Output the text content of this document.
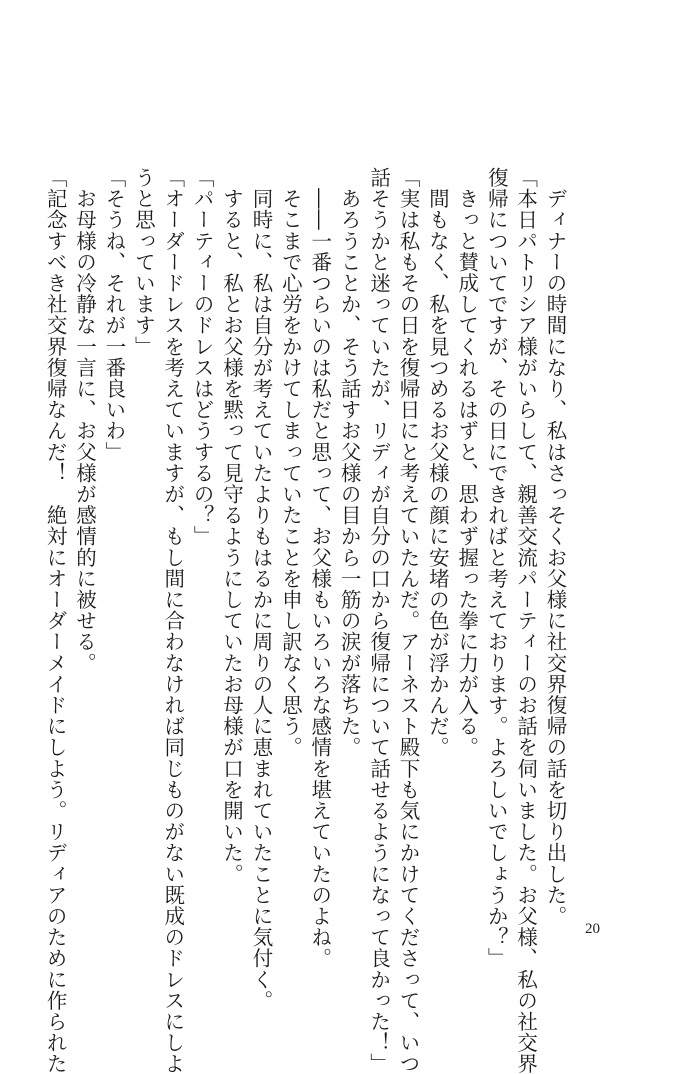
　ディナーの時間になり、私はさっそくお父様に社交界復帰の話を切り出した。
「本日パトリシア様がいらして、親善交流パーティーのお話を伺いました。お父様、私の社交界
復帰についてですが、その日にできればと考えております。よろしいでしょうか？」
　きっと賛成してくれるはずと、思わず握った拳に力が入る。
　間もなく、私を見つめるお父様の顔に安堵の色が浮かんだ。
「実は私もその日を復帰日にと考えていたんだ。アーネスト殿下も気にかけてくださって、いつ
話そうかと迷っていたが、リディが自分の口から復帰について話せるようになって良かった！」
　あろうことか、そう話すお父様の目から一筋の涙が落ちた。
　――一番つらいのは私だと思って、お父様もいろいろな感情を堪えていたのよね。
　そこまで心労をかけてしまっていたことを申し訳なく思う。
　同時に、私は自分が考えていたよりもはるかに周りの人に恵まれていたことに気付く。
　すると、私とお父様を黙って見守るようにしていたお母様が口を開いた。
「パーティーのドレスはどうするの？」
「オーダードレスを考えていますが、もし間に合わなければ同じものがない既成のドレスにしよ
うと思っています」
「そうね、それが一番良いわ」
　お母様の冷静な一言に、お父様が感情的に被せる。
「記念すべき社交界復帰なんだ！　絶対にオーダーメイドにしよう。リディアのために作られた	20
